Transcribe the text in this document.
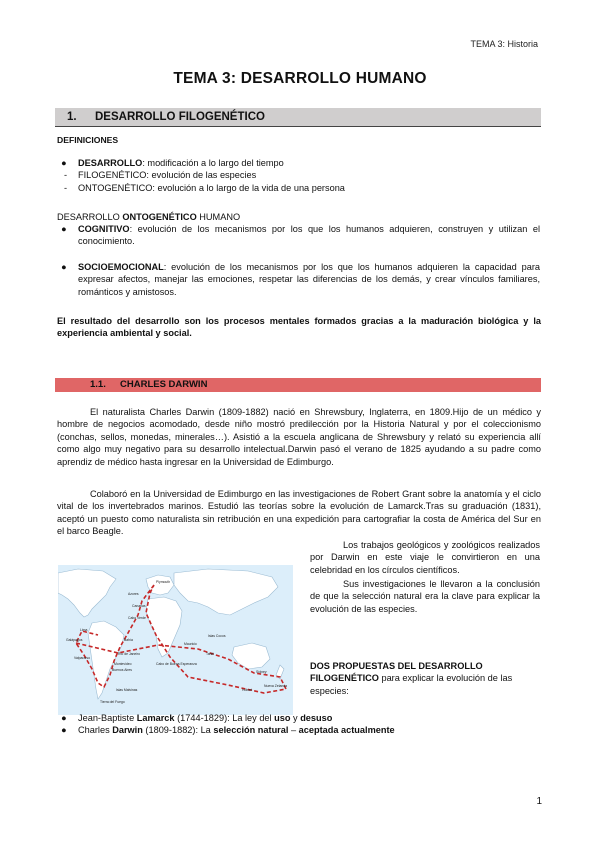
TEMA 3: Historia
TEMA 3: DESARROLLO HUMANO
1. DESARROLLO FILOGENÉTICO
DEFINICIONES
● DESARROLLO: modificación a lo largo del tiempo
- FILOGENÉTICO: evolución de las especies
- ONTOGENÉTICO: evolución a lo largo de la vida de una persona
DESARROLLO ONTOGENÉTICO HUMANO
● COGNITIVO: evolución de los mecanismos por los que los humanos adquieren, construyen y utilizan el conocimiento.
● SOCIOEMOCIONAL: evolución de los mecanismos por los que los humanos adquieren la capacidad para expresar afectos, manejar las emociones, respetar las diferencias de los demás, y crear vínculos familiares, románticos y amistosos.
El resultado del desarrollo son los procesos mentales formados gracias a la maduración biológica y la experiencia ambiental y social.
1.1. CHARLES DARWIN
El naturalista Charles Darwin (1809-1882) nació en Shrewsbury, Inglaterra, en 1809.Hijo de un médico y hombre de negocios acomodado, desde niño mostró predilección por la Historia Natural y por el coleccionismo (conchas, sellos, monedas, minerales…). Asistió a la escuela anglicana de Shrewsbury y relató su experiencia allí como algo muy negativo para su desarrollo intelectual.Darwin pasó el verano de 1825 ayudando a su padre como aprendiz de médico hasta ingresar en la Universidad de Edimburgo.
Colaboró en la Universidad de Edimburgo en las investigaciones de Robert Grant sobre la anatomía y el ciclo vital de los invertebrados marinos. Estudió las teorías sobre la evolución de Lamarck.Tras su graduación (1831), aceptó un puesto como naturalista sin retribución en una expedición para cartografiar la costa de América del Sur en el barco Beagle.
Plymouth
Azores
Canarias
Cabo Verde
Bahía
Río de Janeiro
Montevideo
Buenos Aires
Valparaíso
Galápagos
Tahití
Nueva Zelanda
Sídney
Hobart
Cabo de Buena Esperanza
Mauricio
Islas Cocos
Lima
Islas Malvinas
Tierra del Fuego
Los trabajos geológicos y zoológicos realizados por Darwin en este viaje le convirtieron en una celebridad en los círculos científicos.
Sus investigaciones le llevaron a la conclusión de que la selección natural era la clave para explicar la evolución de las especies.
DOS PROPUESTAS DEL DESARROLLO
FILOGENÉTICO para explicar la evolución de las especies:
● Jean-Baptiste Lamarck (1744-1829): La ley del uso y desuso
● Charles Darwin (1809-1882): La selección natural – aceptada actualmente
1
